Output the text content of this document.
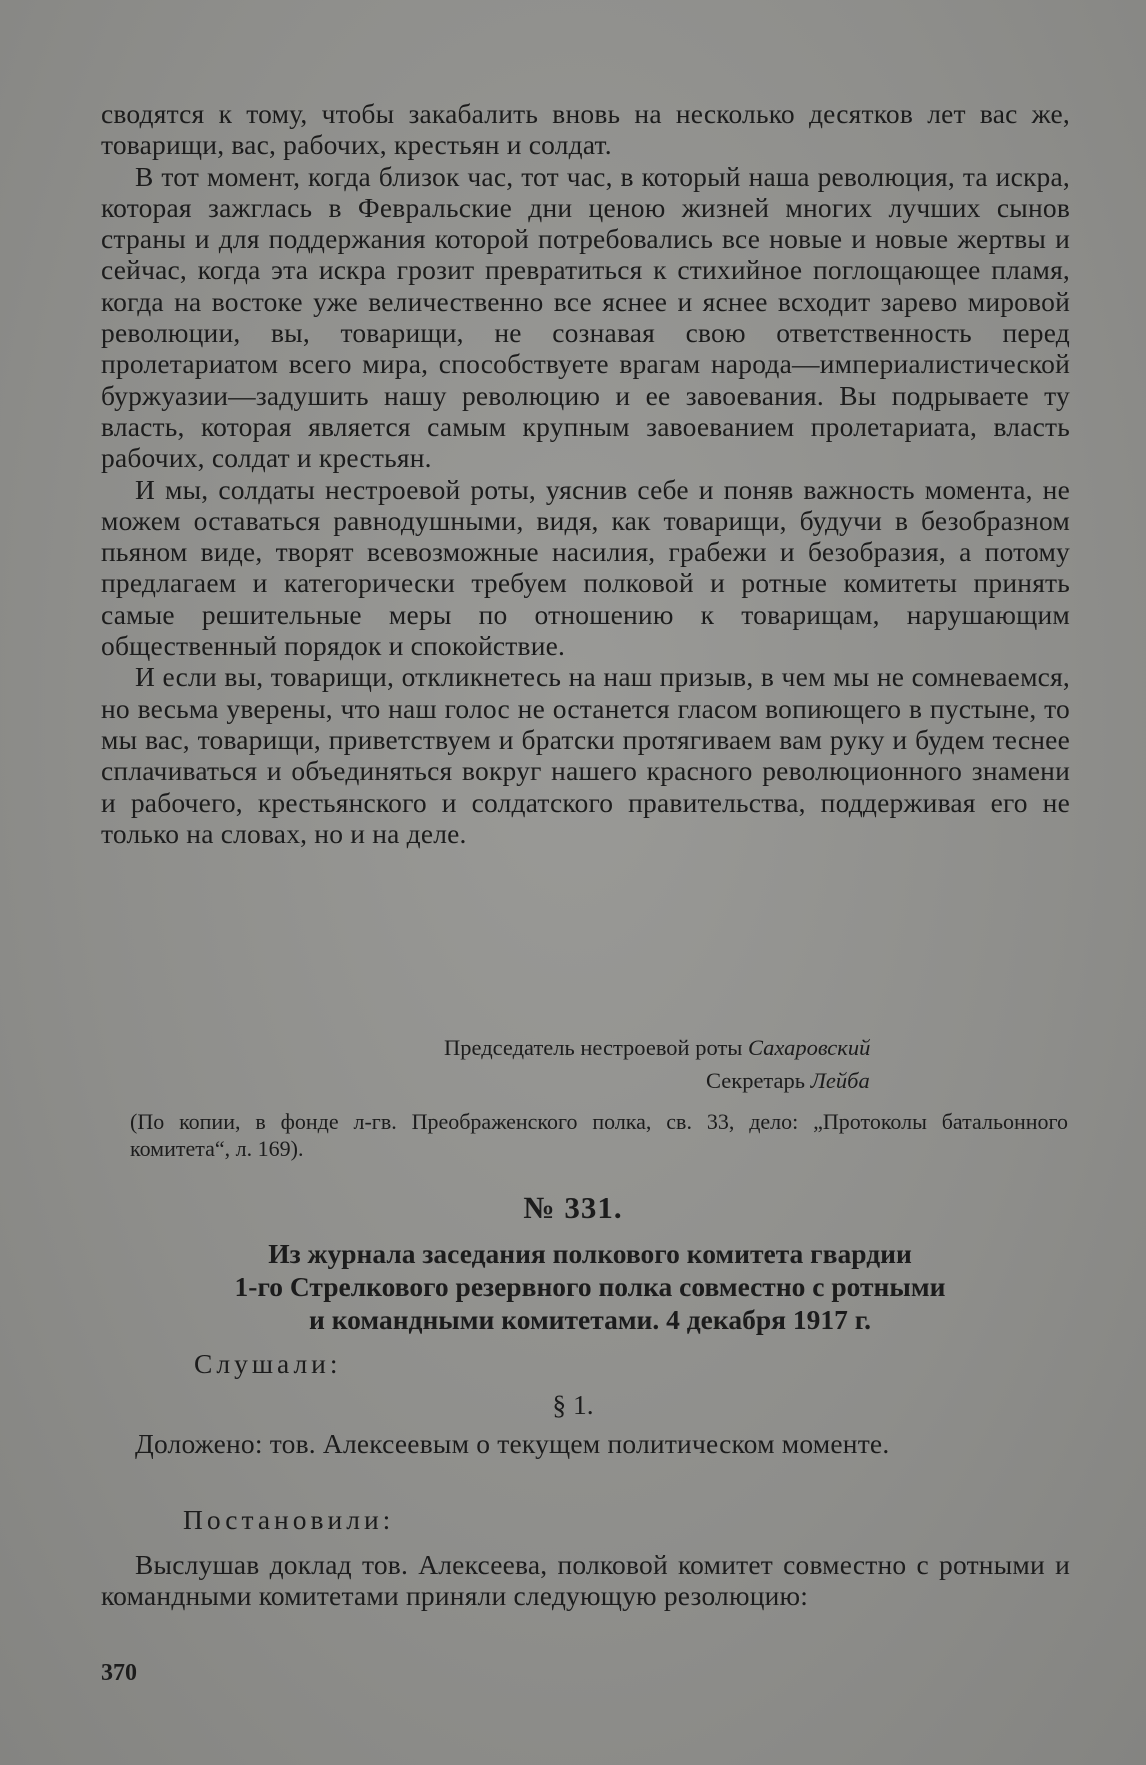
сводятся к тому, чтобы закабалить вновь на несколько десятков лет вас же, товарищи, вас, рабочих, крестьян и солдат.

В тот момент, когда близок час, тот час, в который наша революция, та искра, которая зажглась в Февральские дни ценою жизней многих лучших сынов страны и для поддержания которой потребовались все новые и новые жертвы и сейчас, когда эта искра грозит превратиться к стихийное поглощающее пламя, когда на востоке уже величественно все яснее и яснее всходит зарево мировой революции, вы, товарищи, не сознавая свою ответственность перед пролетариатом всего мира, способствуете врагам народа—империалистической буржуазии—задушить нашу революцию и ее завоевания. Вы подрываете ту власть, которая является самым крупным завоеванием пролетариата, власть рабочих, солдат и крестьян.

И мы, солдаты нестроевой роты, уяснив себе и поняв важность момента, не можем оставаться равнодушными, видя, как товарищи, будучи в безобразном пьяном виде, творят всевозможные насилия, грабежи и безобразия, а потому предлагаем и категорически требуем полковой и ротные комитеты принять самые решительные меры по отношению к товарищам, нарушающим общественный порядок и спокойствие.

И если вы, товарищи, откликнетесь на наш призыв, в чем мы не сомневаемся, но весьма уверены, что наш голос не останется гласом вопиющего в пустыне, то мы вас, товарищи, приветствуем и братски протягиваем вам руку и будем теснее сплачиваться и объединяться вокруг нашего красного революционного знамени и рабочего, крестьянского и солдатского правительства, поддерживая его не только на словах, но и на деле.

Председатель нестроевой роты Сахаровский
Секретарь Лейба
(По копии, в фонде л-гв. Преображенского полка, св. 33, дело: „Протоколы батальонного комитета“, л. 169).
№ 331.
Из журнала заседания полкового комитета гвардии
1-го Стрелкового резервного полка совместно с ротными
и командными комитетами. 4 декабря 1917 г.
Слушали:
§ 1.

Доложено: тов. Алексеевым о текущем политическом моменте.

Постановили:

Выслушав доклад тов. Алексеева, полковой комитет совместно с ротными и командными комитетами приняли следующую резолюцию:

370
